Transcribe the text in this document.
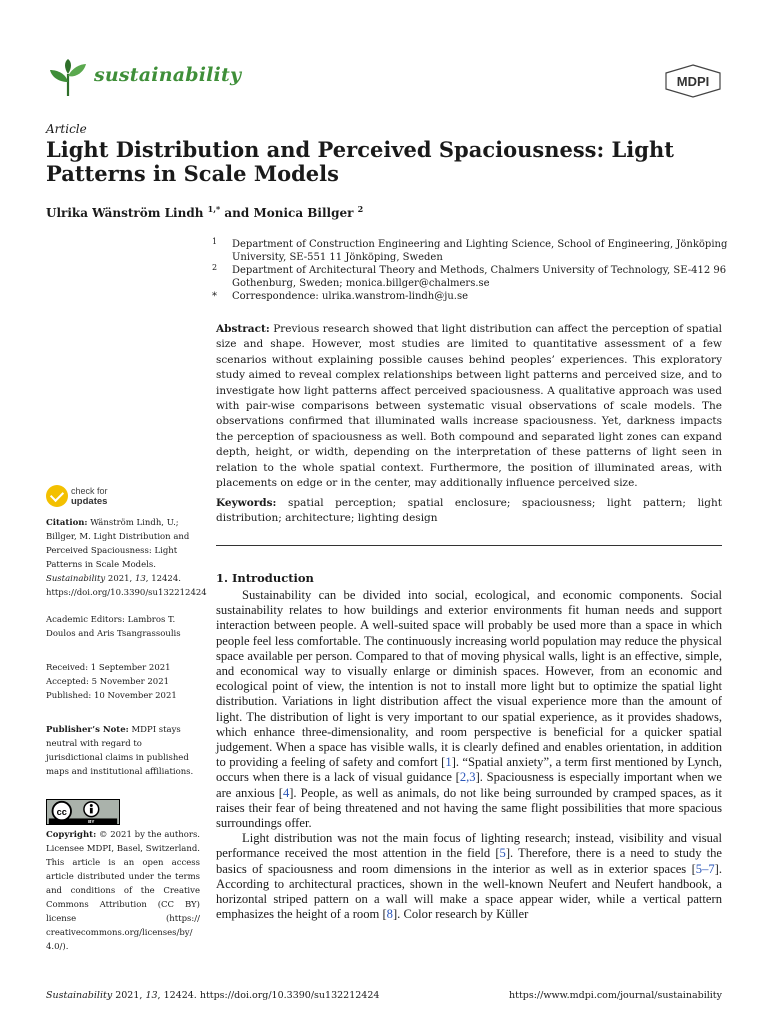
sustainability	MDPI
Article
Light Distribution and Perceived Spaciousness: Light Patterns in Scale Models
Ulrika Wänström Lindh $^{1,*}$ and Monica Billger $^2$
1 Department of Construction Engineering and Lighting Science, School of Engineering, Jönköping University, SE-551 11 Jönköping, Sweden
2 Department of Architectural Theory and Methods, Chalmers University of Technology, SE-412 96 Gothenburg, Sweden; monica.billger@chalmers.se
* Correspondence: ulrika.wanstrom-lindh@ju.se

Abstract: Previous research showed that light distribution can affect the perception of spatial size and shape. However, most studies are limited to quantitative assessment of a few scenarios without explaining possible causes behind peoples’ experiences. This exploratory study aimed to reveal complex relationships between light patterns and perceived size, and to investigate how light patterns affect perceived spaciousness. A qualitative approach was used with pair-wise comparisons between systematic visual observations of scale models. The observations confirmed that illuminated walls increase spaciousness. Yet, darkness impacts the perception of spaciousness as well. Both compound and separated light zones can expand depth, height, or width, depending on the interpretation of these patterns of light seen in relation to the whole spatial context. Furthermore, the position of illuminated areas, with placements on edge or in the center, may additionally influence perceived size.

Keywords: spatial perception; spatial enclosure; spaciousness; light pattern; light distribution; architecture; lighting design

1. Introduction

Sustainability can be divided into social, ecological, and economic components. Social sustainability relates to how buildings and exterior environments fit human needs and support interaction between people. A well-suited space will probably be used more than a space in which people feel less comfortable. The continuously increasing world population may reduce the physical space available per person. Compared to that of moving physical walls, light is an effective, simple, and economical way to visually enlarge or diminish spaces. However, from an economic and ecological point of view, the intention is not to install more light but to optimize the spatial light distribution. Variations in light distribution affect the visual experience more than the amount of light. The distribution of light is very important to our spatial experience, as it provides shadows, which enhance three-dimensionality, and room perspective is beneficial for a quicker spatial judgement. When a space has visible walls, it is clearly defined and enables orientation, in addition to providing a feeling of safety and comfort [1]. “Spatial anxiety”, a term first mentioned by Lynch, occurs when there is a lack of visual guidance [2,3]. Spaciousness is especially important when we are anxious [4]. People, as well as animals, do not like being surrounded by cramped spaces, as it raises their fear of being threatened and not having the same flight possibilities that more spacious surroundings offer.

Light distribution was not the main focus of lighting research; instead, visibility and visual performance received the most attention in the field [5]. Therefore, there is a need to study the basics of spaciousness and room dimensions in the interior as well as in exterior spaces [5–7]. According to architectural practices, shown in the well-known Neufert and Neufert handbook, a horizontal striped pattern on a wall will make a space appear wider, while a vertical pattern emphasizes the height of a room [8]. Color research by Küller

check for
updates
Citation: Wänström Lindh, U.; Billger, M. Light Distribution and Perceived Spaciousness: Light Patterns in Scale Models. Sustainability 2021, 13, 12424. https://doi.org/10.3390/su132212424

Academic Editors: Lambros T. Doulos and Aris Tsangrassoulis

Received: 1 September 2021

Accepted: 5 November 2021

Published: 10 November 2021

Publisher’s Note: MDPI stays neutral with regard to jurisdictional claims in published maps and institutional affiliations.

cc
BY

Copyright: © 2021 by the authors. Licensee MDPI, Basel, Switzerland. This article is an open access article distributed under the terms and conditions of the Creative Commons Attribution (CC BY) license (https:// creativecommons.org/licenses/by/ 4.0/).

Sustainability 2021, 13, 12424. https://doi.org/10.3390/su132212424	https://www.mdpi.com/journal/sustainability
